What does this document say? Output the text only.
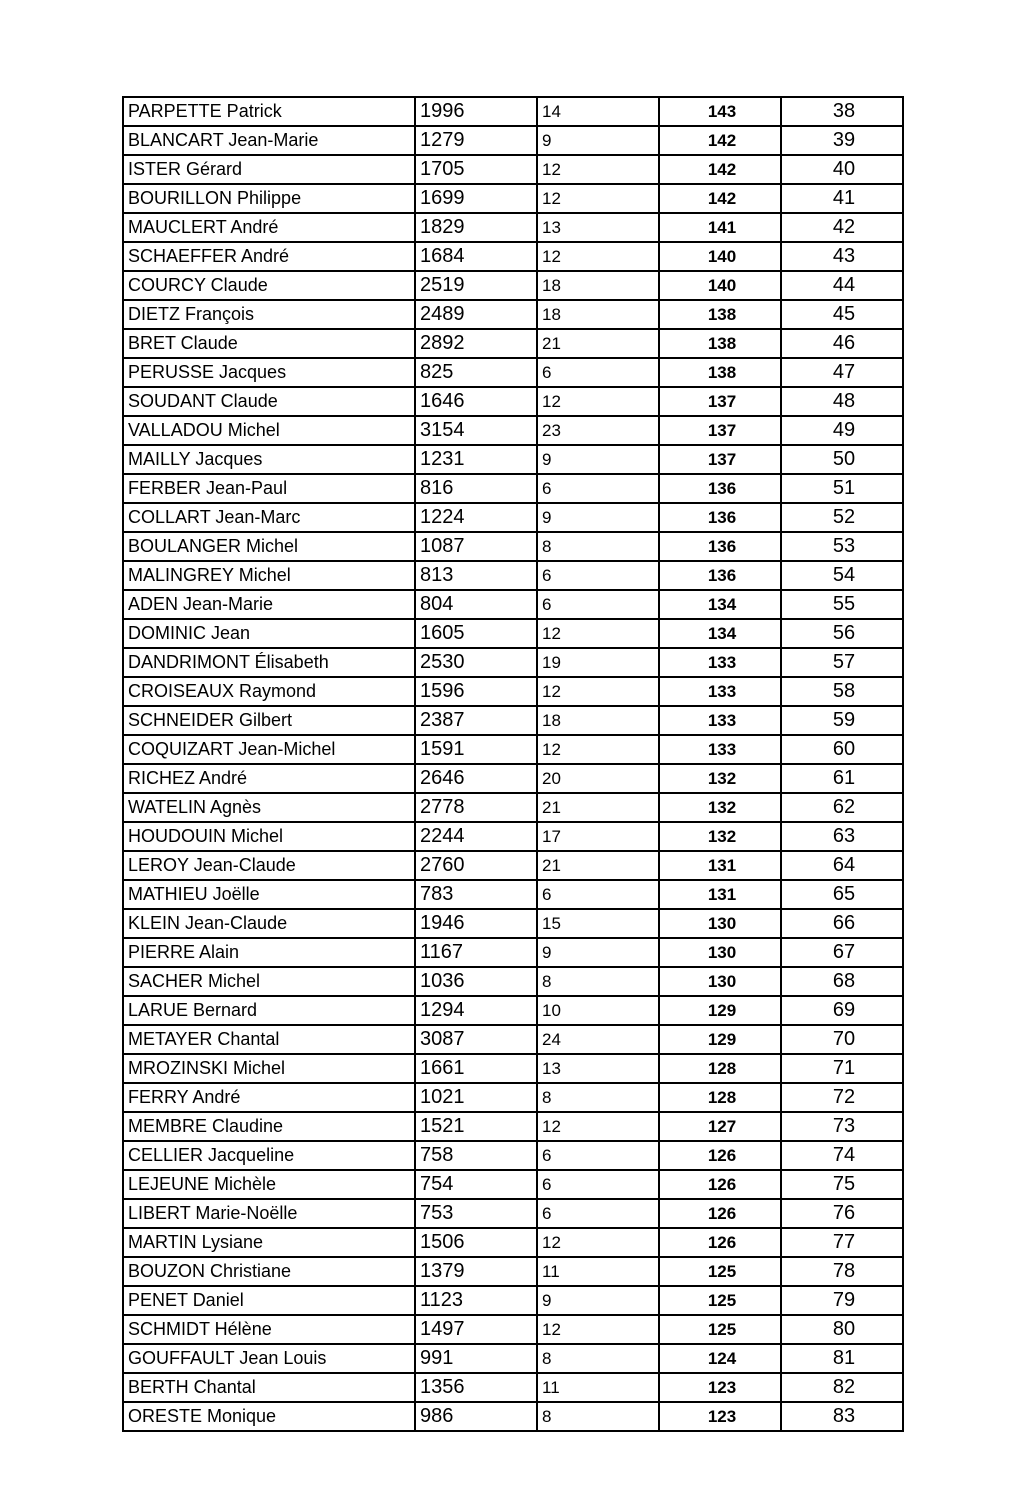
PARPETTE Patrick	1996	14	143	38
BLANCART Jean-Marie	1279	9	142	39
ISTER Gérard	1705	12	142	40
BOURILLON Philippe	1699	12	142	41
MAUCLERT André	1829	13	141	42
SCHAEFFER André	1684	12	140	43
COURCY Claude	2519	18	140	44
DIETZ François	2489	18	138	45
BRET Claude	2892	21	138	46
PERUSSE Jacques	825	6	138	47
SOUDANT Claude	1646	12	137	48
VALLADOU Michel	3154	23	137	49
MAILLY Jacques	1231	9	137	50
FERBER Jean-Paul	816	6	136	51
COLLART Jean-Marc	1224	9	136	52
BOULANGER Michel	1087	8	136	53
MALINGREY Michel	813	6	136	54
ADEN Jean-Marie	804	6	134	55
DOMINIC Jean	1605	12	134	56
DANDRIMONT Élisabeth	2530	19	133	57
CROISEAUX Raymond	1596	12	133	58
SCHNEIDER Gilbert	2387	18	133	59
COQUIZART Jean-Michel	1591	12	133	60
RICHEZ André	2646	20	132	61
WATELIN Agnès	2778	21	132	62
HOUDOUIN Michel	2244	17	132	63
LEROY Jean-Claude	2760	21	131	64
MATHIEU Joëlle	783	6	131	65
KLEIN Jean-Claude	1946	15	130	66
PIERRE Alain	1167	9	130	67
SACHER Michel	1036	8	130	68
LARUE Bernard	1294	10	129	69
METAYER Chantal	3087	24	129	70
MROZINSKI Michel	1661	13	128	71
FERRY André	1021	8	128	72
MEMBRE Claudine	1521	12	127	73
CELLIER Jacqueline	758	6	126	74
LEJEUNE Michèle	754	6	126	75
LIBERT Marie-Noëlle	753	6	126	76
MARTIN Lysiane	1506	12	126	77
BOUZON Christiane	1379	11	125	78
PENET Daniel	1123	9	125	79
SCHMIDT Hélène	1497	12	125	80
GOUFFAULT Jean Louis	991	8	124	81
BERTH Chantal	1356	11	123	82
ORESTE Monique	986	8	123	83
